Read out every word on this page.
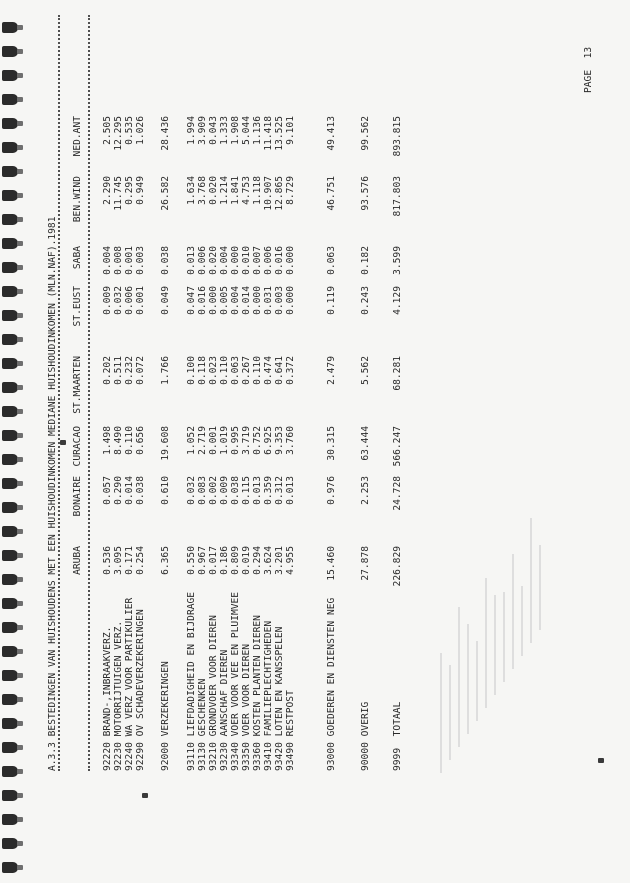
A.3.3 BESTEDINGEN VAN HUISHOUDENS MET EEN HUISHOUDINKOMEN MEDIANE HUISHOUDINKOMEN (MLN.NAF).1981
PAGE  13
ARUBA
BONAIRE
CURACAO
ST.MAARTEN
ST.EUST
SABA
BEN.WIND
NED.ANT
92220 BRAND-,INBRAAKVERZ.
0.536
0.057
1.498
0.202
0.009
0.004
2.290
2.505
92230 MOTORRIJTUIGEN VERZ.
3.095
0.290
8.490
0.511
0.032
0.008
11.745
12.295
92240 WA VERZ VOOR PARTIKULIER
0.171
0.014
0.110
0.232
0.006
0.001
0.295
0.535
92290 OV SCHADEVERZEKERINGEN
0.254
0.038
0.656
0.072
0.001
0.003
0.949
1.026
92000 VERZEKERINGEN
6.365
0.610
19.608
1.766
0.049
0.038
26.582
28.436
93110 LIEFDADIGHEID EN BIJDRAGE
0.550
0.032
1.052
0.100
0.047
0.013
1.634
1.994
93130 GESCHENKEN
0.967
0.083
2.719
0.118
0.016
0.006
3.768
3.909
93210 GRONDVOER VOOR DIEREN
0.017
0.002
0.001
0.023
0.000
0.020
0.020
0.043
93230 AANSCHAF DIEREN
0.186
0.009
1.019
0.110
0.005
0.004
1.214
1.333
93340 VOER VOOR VEE EN PLUIMVEE
0.809
0.038
0.995
0.063
0.004
0.000
1.841
1.908
93350 VOER VOOR DIEREN
0.019
0.115
3.719
0.267
0.014
0.010
4.753
5.044
93360 KOSTEN PLANTEN DIEREN
0.294
0.013
0.752
0.110
0.000
0.007
1.118
1.136
93410 FAMILIEPLECHTIGHEDEN
3.624
0.359
6.925
0.474
0.031
0.006
10.907
11.418
93420 LOTEN EN KANSSPELEN
3.201
0.312
9.353
0.641
0.003
0.016
12.865
13.525
93490 RESTPOST
4.955
0.013
3.760
0.372
0.000
0.000
8.729
9.101
93000 GOEDEREN EN DIENSTEN NEG
15.460
0.976
30.315
2.479
0.119
0.063
46.751
49.413
90000 OVERIG
27.878
2.253
63.444
5.562
0.243
0.182
93.576
99.562
9999  TOTAAL
226.829
24.728
566.247
68.281
4.129
3.599
817.803
893.815
